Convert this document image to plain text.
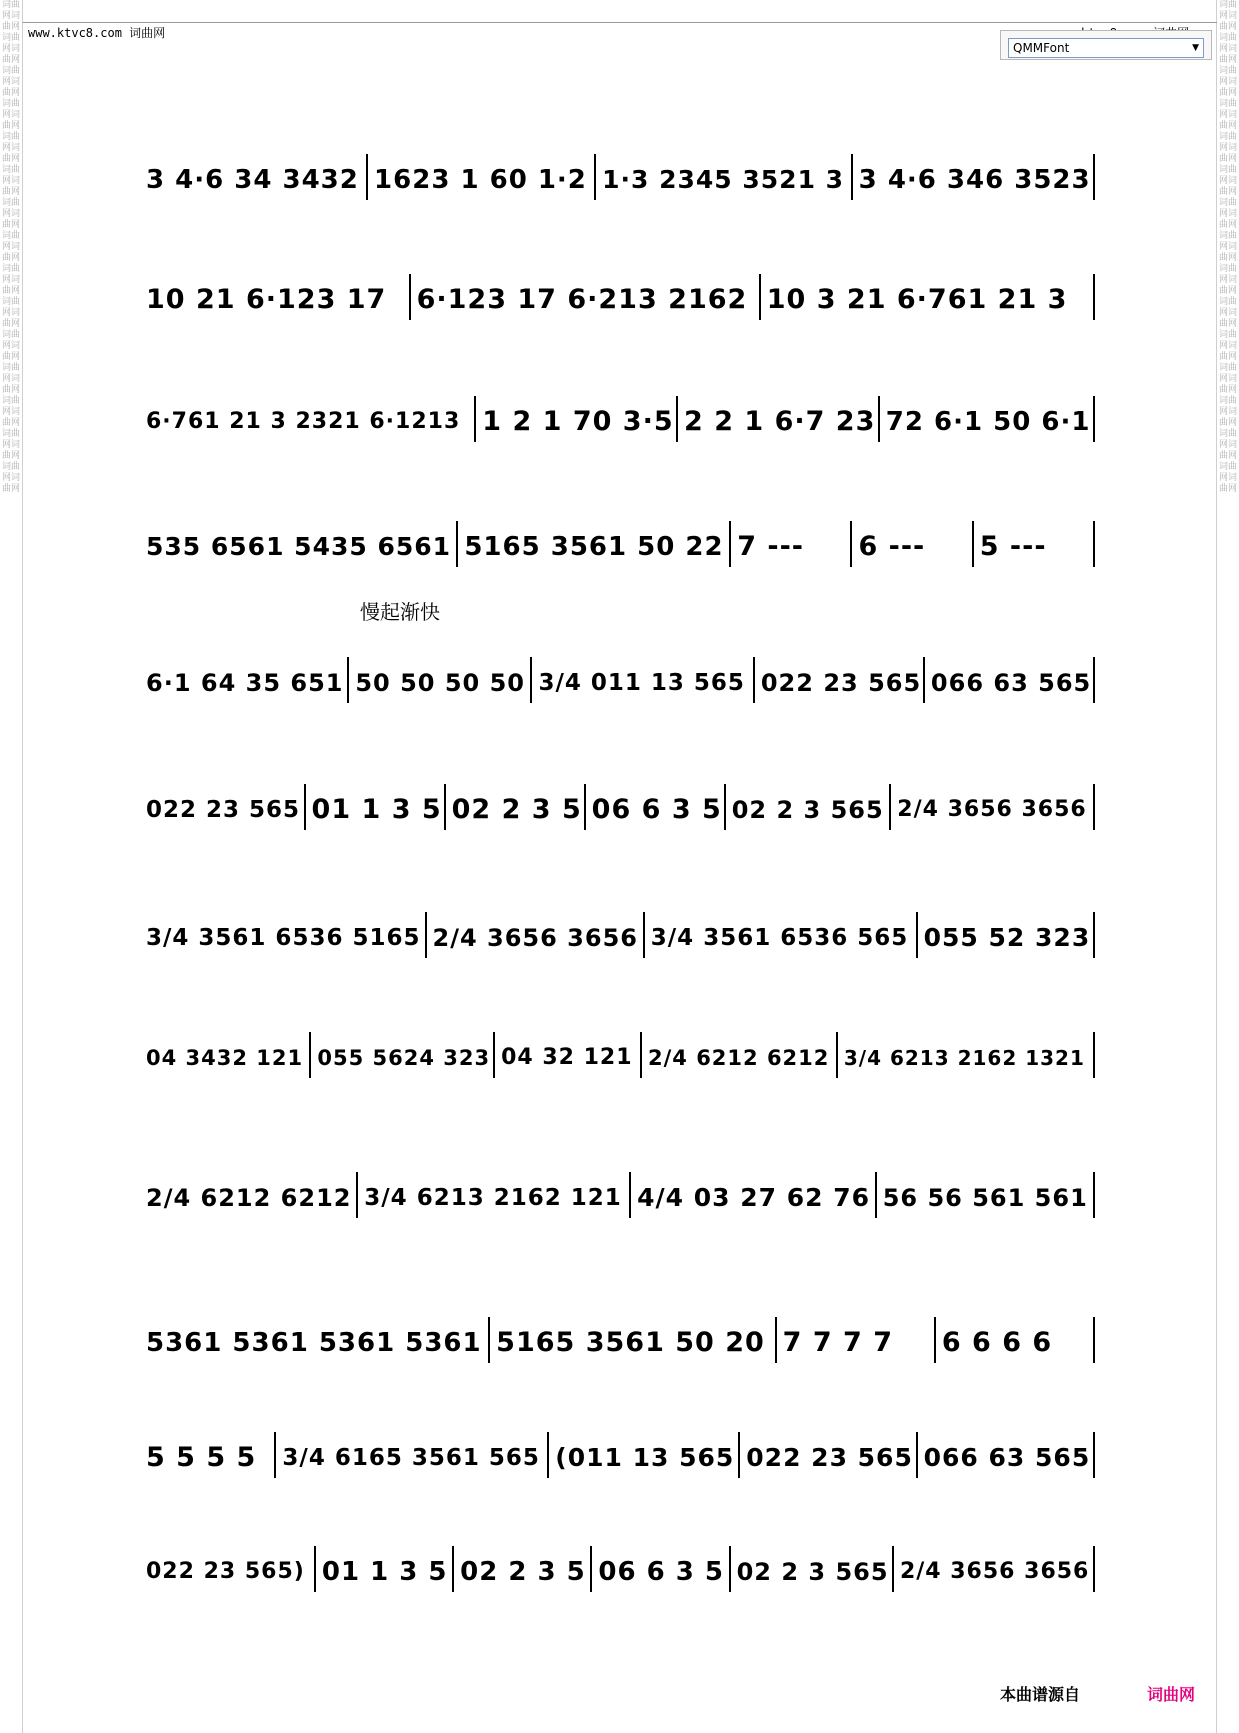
词曲网词曲网词曲网词曲网词曲网词曲网词曲网词曲网词曲网词曲网词曲网词曲网词曲网词曲网词曲网词曲网词曲网词曲网词曲网词曲网词曲网词曲网词曲网词曲网词曲网词曲网词曲网词曲网词曲网词曲网
词曲网词曲网词曲网词曲网词曲网词曲网词曲网词曲网词曲网词曲网词曲网词曲网词曲网词曲网词曲网词曲网词曲网词曲网词曲网词曲网词曲网词曲网词曲网词曲网词曲网词曲网词曲网词曲网词曲网词曲网
www.ktvc8.com 词曲网
QMMFont	▼
3 4·6 34 3432 1623 1 60 1·2 1·3 2345 3521 3 3 4·6 346 3523
10 21 6·123 17 6·123 17 6·213 2162 10 3 21 6·761 21 3
6·761 21 3 2321 6·1213 1 2 1 70 3·5 2 2 1 6·7 23 72 6·1 50 6·1
535 6561 5435 6561 5165 3561 50 22 7 --- 6 --- 5 ---
6·1 64 35 651 50 50 50 50 3/4 011 13 565 022 23 565 066 63 565
022 23 565 01 1 3 5 02 2 3 5 06 6 3 5 02 2 3 565 2/4 3656 3656
3/4 3561 6536 5165 2/4 3656 3656 3/4 3561 6536 565 055 52 323
04 3432 121 055 5624 323 04 32 121 2/4 6212 6212 3/4 6213 2162 1321
2/4 6212 6212 3/4 6213 2162 121 4/4 03 27 62 76 56 56 561 561
5361 5361 5361 5361 5165 3561 50 20 7 7 7 7 6 6 6 6
5 5 5 5 3/4 6165 3561 565 (011 13 565 022 23 565 066 63 565
022 23 565) 01 1 3 5 02 2 3 5 06 6 3 5 02 2 3 565 2/4 3656 3656
慢起渐快
本曲谱源自	词曲网
